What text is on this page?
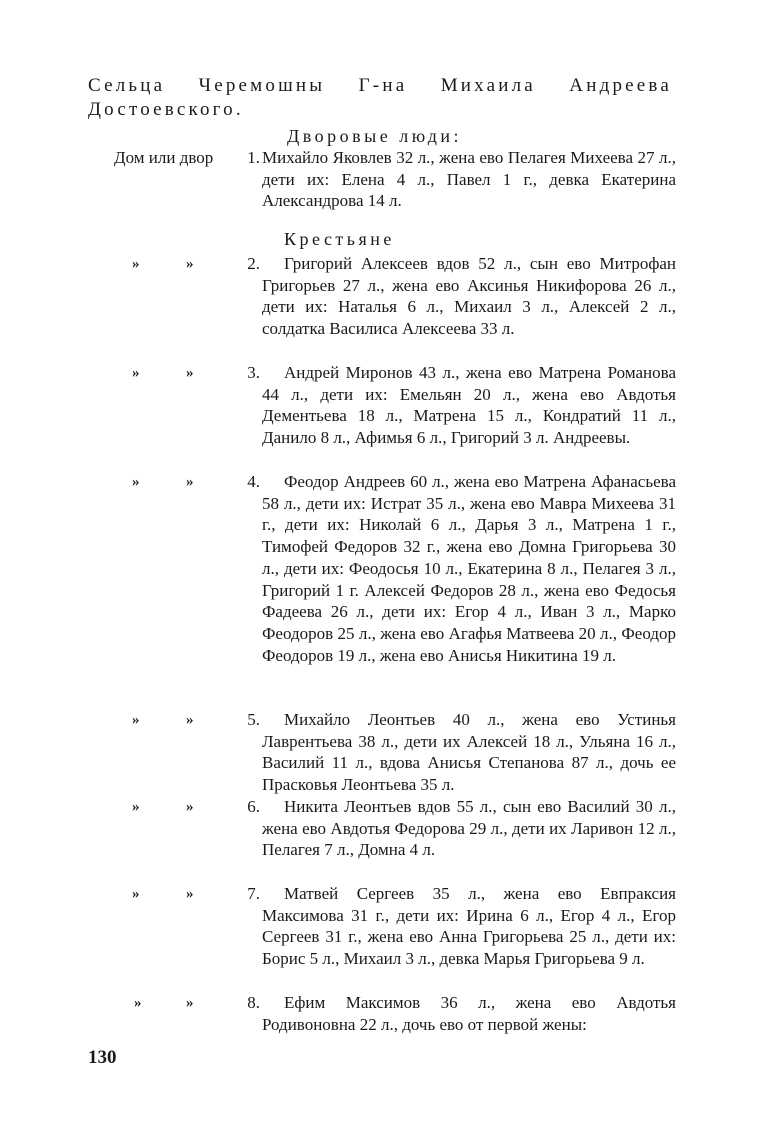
Сельца Черемошны Г-на Михаила Андреева
Достоевского.
Дворовые люди:
Дом или двор	1. Михайло Яковлев 32 л., жена ево Пелагея Михеева 27 л., дети их: Елена 4 л., Павел 1 г., девка Екатерина Александрова 14 л.
Крестьяне
»	»	2.	Григорий Алексеев вдов 52 л., сын ево Митрофан Григорьев 27 л., жена ево Аксинья Никифорова 26 л., дети их: Наталья 6 л., Михаил 3 л., Алексей 2 л., солдатка Василиса Алексеева 33 л.
»	»	3.	Андрей Миронов 43 л., жена ево Матрена Романова 44 л., дети их: Емельян 20 л., жена ево Авдотья Дементьева 18 л., Матрена 15 л., Кондратий 11 л., Данило 8 л., Афимья 6 л., Григорий 3 л. Андреевы.
»	»	4.	Феодор Андреев 60 л., жена ево Матрена Афанасьева 58 л., дети их: Истрат 35 л., жена ево Мавра Михеева 31 г., дети их: Николай 6 л., Дарья 3 л., Матрена 1 г., Тимофей Федоров 32 г., жена ево Домна Григорьева 30 л., дети их: Феодосья 10 л., Екатерина 8 л., Пелагея 3 л., Григорий 1 г. Алексей Федоров 28 л., жена ево Федосья Фадеева 26 л., дети их: Егор 4 л., Иван 3 л., Марко Феодоров 25 л., жена ево Агафья Матвеева 20 л., Феодор Феодоров 19 л., жена ево Анисья Никитина 19 л.
»	»	5.	Михайло Леонтьев 40 л., жена ево Устинья Лаврентьева 38 л., дети их Алексей 18 л., Ульяна 16 л., Василий 11 л., вдова Анисья Степанова 87 л., дочь ее Прасковья Леонтьева 35 л.
»	»	6.	Никита Леонтьев вдов 55 л., сын ево Василий 30 л., жена ево Авдотья Федорова 29 л., дети их Ларивон 12 л., Пелагея 7 л., Домна 4 л.
»	»	7.	Матвей Сергеев 35 л., жена ево Евпраксия Максимова 31 г., дети их: Ирина 6 л., Егор 4 л., Егор Сергеев 31 г., жена ево Анна Григорьева 25 л., дети их: Борис 5 л., Михаил 3 л., девка Марья Григорьева 9 л.
»	»	8.	Ефим Максимов 36 л., жена ево Авдотья Родивоновна 22 л., дочь ево от первой жены:
130
